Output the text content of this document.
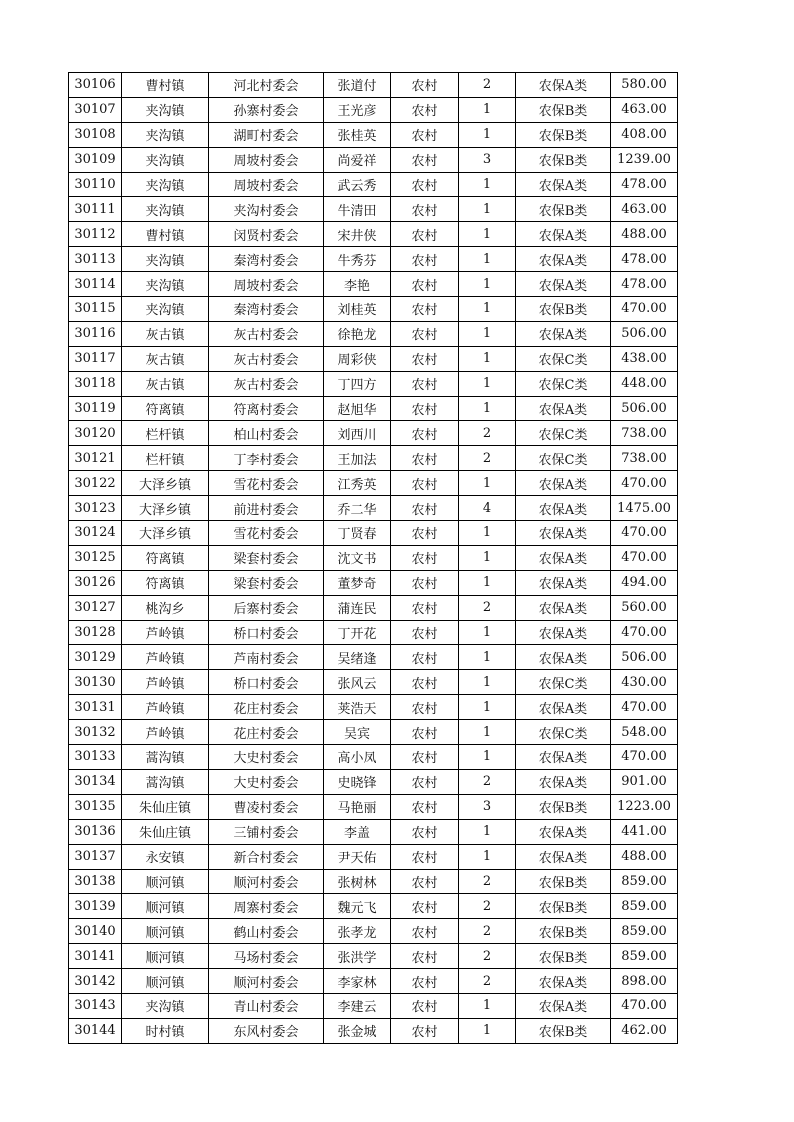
30106	曹村镇	河北村委会	张道付	农村	2	农保A类	580.00
30107	夹沟镇	孙寨村委会	王光彦	农村	1	农保B类	463.00
30108	夹沟镇	湖町村委会	张桂英	农村	1	农保B类	408.00
30109	夹沟镇	周坡村委会	尚爱祥	农村	3	农保B类	1239.00
30110	夹沟镇	周坡村委会	武云秀	农村	1	农保A类	478.00
30111	夹沟镇	夹沟村委会	牛清田	农村	1	农保B类	463.00
30112	曹村镇	闵贤村委会	宋井侠	农村	1	农保A类	488.00
30113	夹沟镇	秦湾村委会	牛秀芬	农村	1	农保A类	478.00
30114	夹沟镇	周坡村委会	李艳	农村	1	农保A类	478.00
30115	夹沟镇	秦湾村委会	刘桂英	农村	1	农保B类	470.00
30116	灰古镇	灰古村委会	徐艳龙	农村	1	农保A类	506.00
30117	灰古镇	灰古村委会	周彩侠	农村	1	农保C类	438.00
30118	灰古镇	灰古村委会	丁四方	农村	1	农保C类	448.00
30119	符离镇	符离村委会	赵旭华	农村	1	农保A类	506.00
30120	栏杆镇	柏山村委会	刘西川	农村	2	农保C类	738.00
30121	栏杆镇	丁李村委会	王加法	农村	2	农保C类	738.00
30122	大泽乡镇	雪花村委会	江秀英	农村	1	农保A类	470.00
30123	大泽乡镇	前进村委会	乔二华	农村	4	农保A类	1475.00
30124	大泽乡镇	雪花村委会	丁贤春	农村	1	农保A类	470.00
30125	符离镇	梁套村委会	沈文书	农村	1	农保A类	470.00
30126	符离镇	梁套村委会	董梦奇	农村	1	农保A类	494.00
30127	桃沟乡	后寨村委会	蒲连民	农村	2	农保A类	560.00
30128	芦岭镇	桥口村委会	丁开花	农村	1	农保A类	470.00
30129	芦岭镇	芦南村委会	吴绪逢	农村	1	农保A类	506.00
30130	芦岭镇	桥口村委会	张风云	农村	1	农保C类	430.00
30131	芦岭镇	花庄村委会	荚浩天	农村	1	农保A类	470.00
30132	芦岭镇	花庄村委会	吴宾	农村	1	农保C类	548.00
30133	蒿沟镇	大史村委会	高小凤	农村	1	农保A类	470.00
30134	蒿沟镇	大史村委会	史晓锋	农村	2	农保A类	901.00
30135	朱仙庄镇	曹凌村委会	马艳丽	农村	3	农保B类	1223.00
30136	朱仙庄镇	三铺村委会	李盖	农村	1	农保A类	441.00
30137	永安镇	新合村委会	尹天佑	农村	1	农保A类	488.00
30138	顺河镇	顺河村委会	张树林	农村	2	农保B类	859.00
30139	顺河镇	周寨村委会	魏元飞	农村	2	农保B类	859.00
30140	顺河镇	鹤山村委会	张孝龙	农村	2	农保B类	859.00
30141	顺河镇	马场村委会	张洪学	农村	2	农保B类	859.00
30142	顺河镇	顺河村委会	李家林	农村	2	农保A类	898.00
30143	夹沟镇	青山村委会	李建云	农村	1	农保A类	470.00
30144	时村镇	东风村委会	张金城	农村	1	农保B类	462.00
